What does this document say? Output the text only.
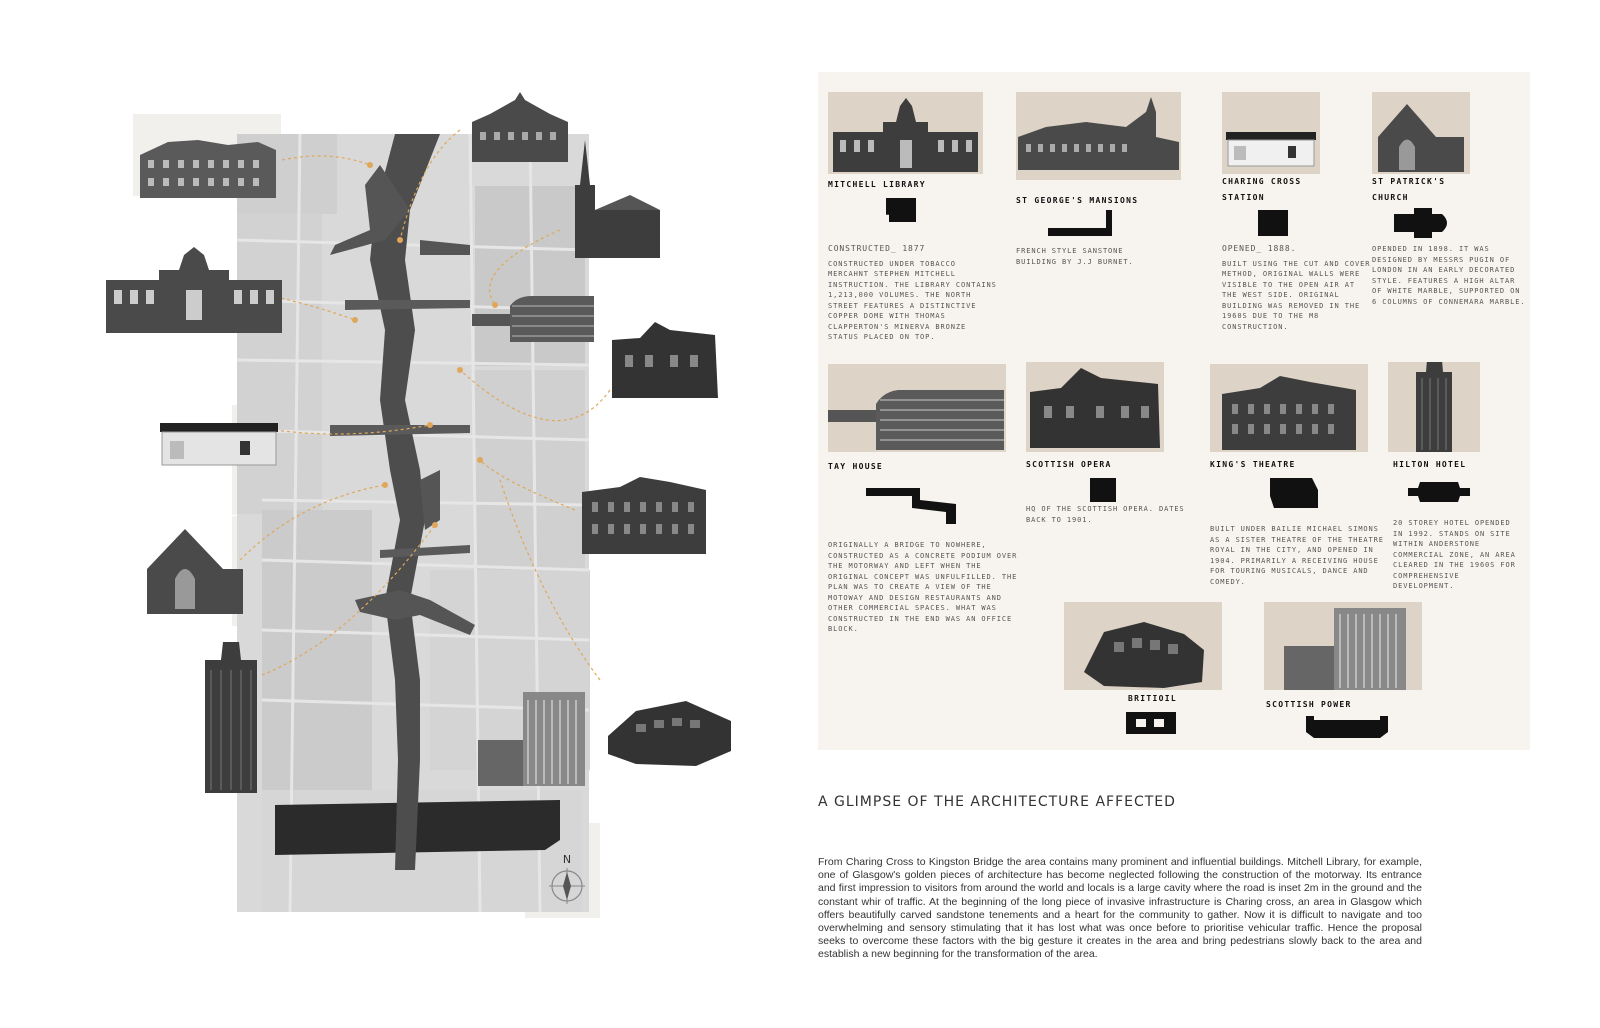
N
MITCHELL LIBRARY
CONSTRUCTED_ 1877
CONSTRUCTED UNDER TOBACCO MERCAHNT STEPHEN MITCHELL INSTRUCTION. THE LIBRARY CONTAINS 1,213,000 VOLUMES. THE NORTH STREET FEATURES A DISTINCTIVE COPPER DOME WITH THOMAS CLAPPERTON'S MINERVA BRONZE STATUS PLACED ON TOP.
ST GEORGE'S MANSIONS
FRENCH STYLE SANSTONE BUILDING BY J.J BURNET.
CHARING CROSS STATION
OPENED_ 1888.
BUILT USING THE CUT AND COVER METHOD, ORIGINAL WALLS WERE VISIBLE TO THE OPEN AIR AT THE WEST SIDE. ORIGINAL BUILDING WAS REMOVED IN THE 1960S DUE TO THE M8 CONSTRUCTION.
ST PATRICK'S CHURCH
OPENDED IN 1898. IT WAS DESIGNED BY MESSRS PUGIN OF LONDON IN AN EARLY DECORATED STYLE. FEATURES A HIGH ALTAR OF WHITE MARBLE, SUPPORTED ON 6 COLUMNS OF CONNEMARA MARBLE.
TAY HOUSE
ORIGINALLY A BRIDGE TO NOWHERE, CONSTRUCTED AS A CONCRETE PODIUM OVER THE MOTORWAY AND LEFT WHEN THE ORIGINAL CONCEPT WAS UNFULFILLED. THE PLAN WAS TO CREATE A VIEW OF THE MOTOWAY AND DESIGN RESTAURANTS AND OTHER COMMERCIAL SPACES. WHAT WAS CONSTRUCTED IN THE END WAS AN OFFICE BLOCK.
SCOTTISH OPERA
HQ OF THE SCOTTISH OPERA. DATES BACK TO 1901.
KING'S THEATRE
BUILT UNDER BAILIE MICHAEL SIMONS AS A SISTER THEATRE OF THE THEATRE ROYAL IN THE CITY, AND OPENED IN 1904. PRIMARILY A RECEIVING HOUSE FOR TOURING MUSICALS, DANCE AND COMEDY.
HILTON HOTEL
20 STOREY HOTEL OPENDED IN 1992. STANDS ON SITE WITHIN ANDERSTONE COMMERCIAL ZONE, AN AREA CLEARED IN THE 1960S FOR COMPREHENSIVE DEVELOPMENT.
BRITIOIL
SCOTTISH POWER
A GLIMPSE OF THE ARCHITECTURE AFFECTED
From Charing Cross to Kingston Bridge the area contains many prominent and influential buildings. Mitchell Library, for example, one of Glasgow's golden pieces of architecture has become neglected following the construction of the motorway. Its entrance and first impression to visitors from around the world and locals is a large cavity where the road is inset 2m in the ground and the constant whir of traffic. At the beginning of the long piece of invasive infrastructure is Charing cross, an area in Glasgow which offers beautifully carved sandstone tenements and a heart for the community to gather. Now it is difficult to navigate and too overwhelming and sensory stimulating that it has lost what was once before to prioritise vehicular traffic. Hence the proposal seeks to overcome these factors with the big gesture it creates in the area and bring pedestrians slowly back to the area and establish a new beginning for the transformation of the area.
